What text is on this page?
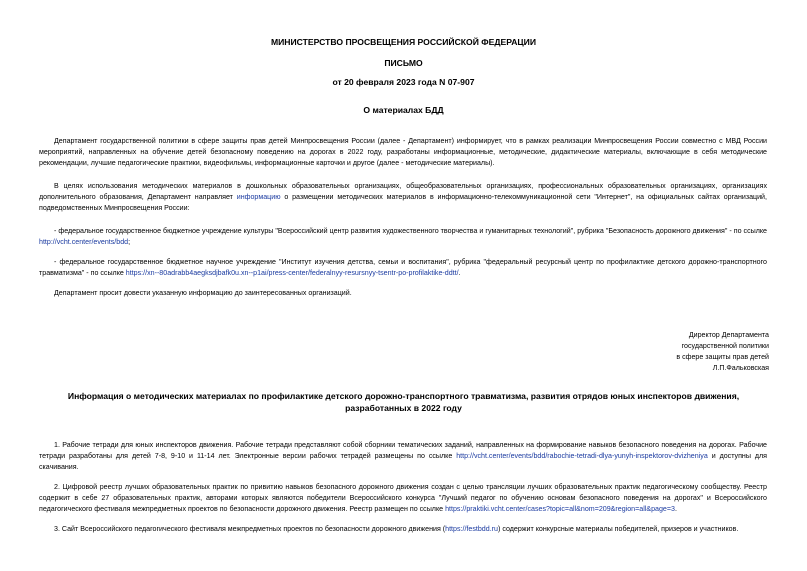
МИНИСТЕРСТВО ПРОСВЕЩЕНИЯ РОССИЙСКОЙ ФЕДЕРАЦИИ
ПИСЬМО
от 20 февраля 2023 года N 07-907
О материалах БДД

Департамент государственной политики в сфере защиты прав детей Минпросвещения России (далее - Департамент) информирует, что в рамках реализации Минпросвещения России совместно с МВД России мероприятий, направленных на обучение детей безопасному поведению на дорогах в 2022 году, разработаны информационные, методические, дидактические материалы, включающие в себя методические рекомендации, лучшие педагогические практики, видеофильмы, информационные карточки и другое (далее - методические материалы).

В целях использования методических материалов в дошкольных образовательных организациях, общеобразовательных организациях, профессиональных образовательных организациях, организациях дополнительного образования, Департамент направляет информацию о размещении методических материалов в информационно-телекоммуникационной сети "Интернет", на официальных сайтах организаций, подведомственных Минпросвещения России:

- федеральное государственное бюджетное учреждение культуры "Всероссийский центр развития художественного творчества и гуманитарных технологий", рубрика "Безопасность дорожного движения" - по ссылке http://vcht.center/events/bdd;

- федеральное государственное бюджетное научное учреждение "Институт изучения детства, семьи и воспитания", рубрика "федеральный ресурсный центр по профилактике детского дорожно-транспортного травматизма" - по ссылке https://xn--80adrabb4aegksdjbafk0u.xn--p1ai/press-center/federalnyy-resursnyy-tsentr-po-profilaktike-ddtt/.

Департамент просит довести указанную информацию до заинтересованных организаций.

Директор Департамента
государственной политики
в сфере защиты прав детей
Л.П.Фальковская
Информация о методических материалах по профилактике детского дорожно-транспортного травматизма, развития отрядов юных инспекторов движения, разработанных в 2022 году

1. Рабочие тетради для юных инспекторов движения. Рабочие тетради представляют собой сборники тематических заданий, направленных на формирование навыков безопасного поведения на дорогах. Рабочие тетради разработаны для детей 7-8, 9-10 и 11-14 лет. Электронные версии рабочих тетрадей размещены по ссылке http://vcht.center/events/bdd/rabochie-tetradi-dlya-yunyh-inspektorov-dvizheniya и доступны для скачивания.

2. Цифровой реестр лучших образовательных практик по привитию навыков безопасного дорожного движения создан с целью трансляции лучших образовательных практик педагогическому сообществу. Реестр содержит в себе 27 образовательных практик, авторами которых являются победители Всероссийского конкурса "Лучший педагог по обучению основам безопасного поведения на дорогах" и Всероссийского педагогического фестиваля межпредметных проектов по безопасности дорожного движения. Реестр размещен по ссылке https://praktiki.vcht.center/cases?topic=all&nom=209&region=all&page=3.

3. Сайт Всероссийского педагогического фестиваля межпредметных проектов по безопасности дорожного движения (https://festbdd.ru) содержит конкурсные материалы победителей, призеров и участников.
